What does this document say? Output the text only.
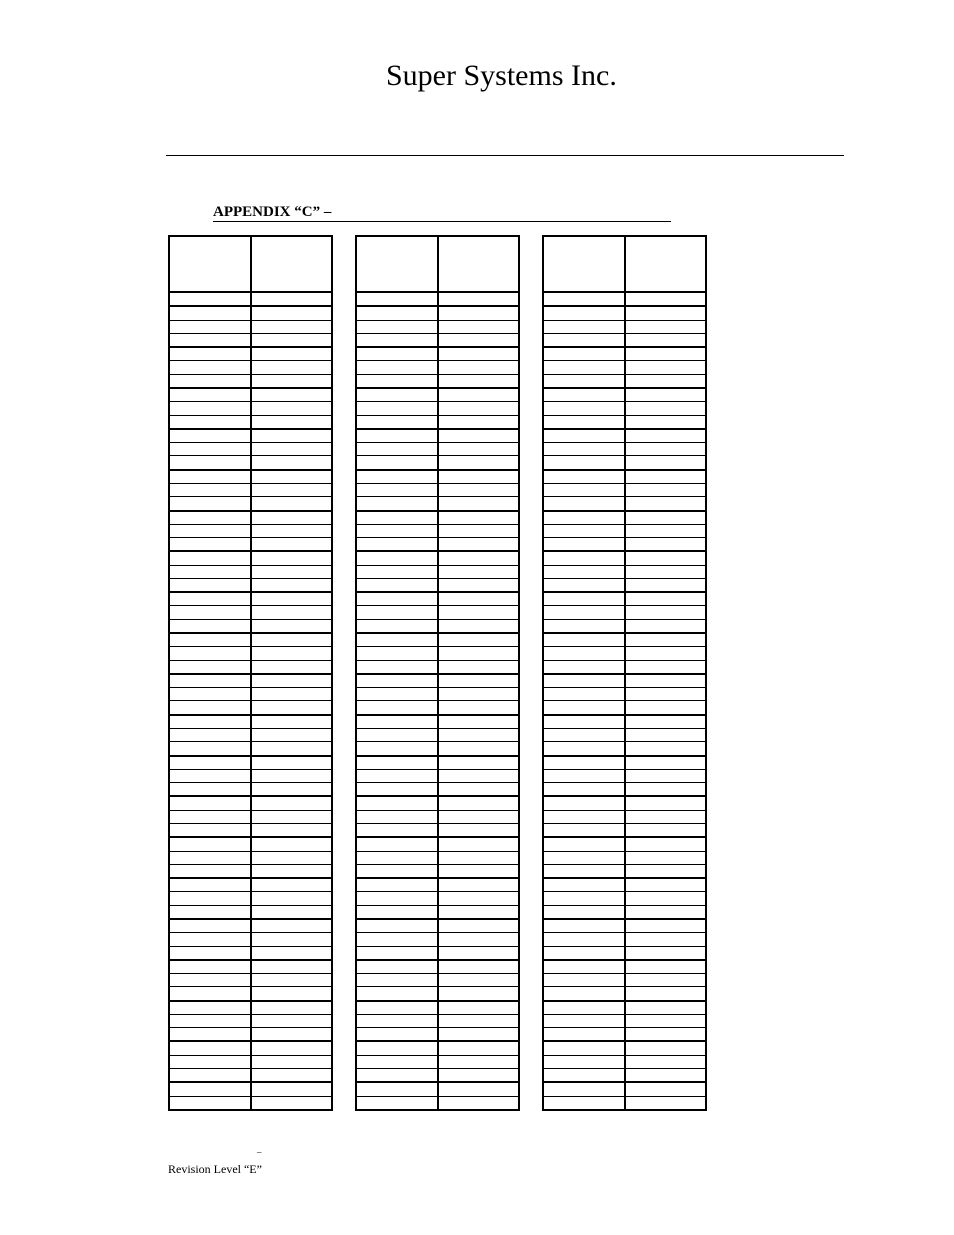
Super Systems Inc.
APPENDIX “C” –
–
Revision Level “E”
